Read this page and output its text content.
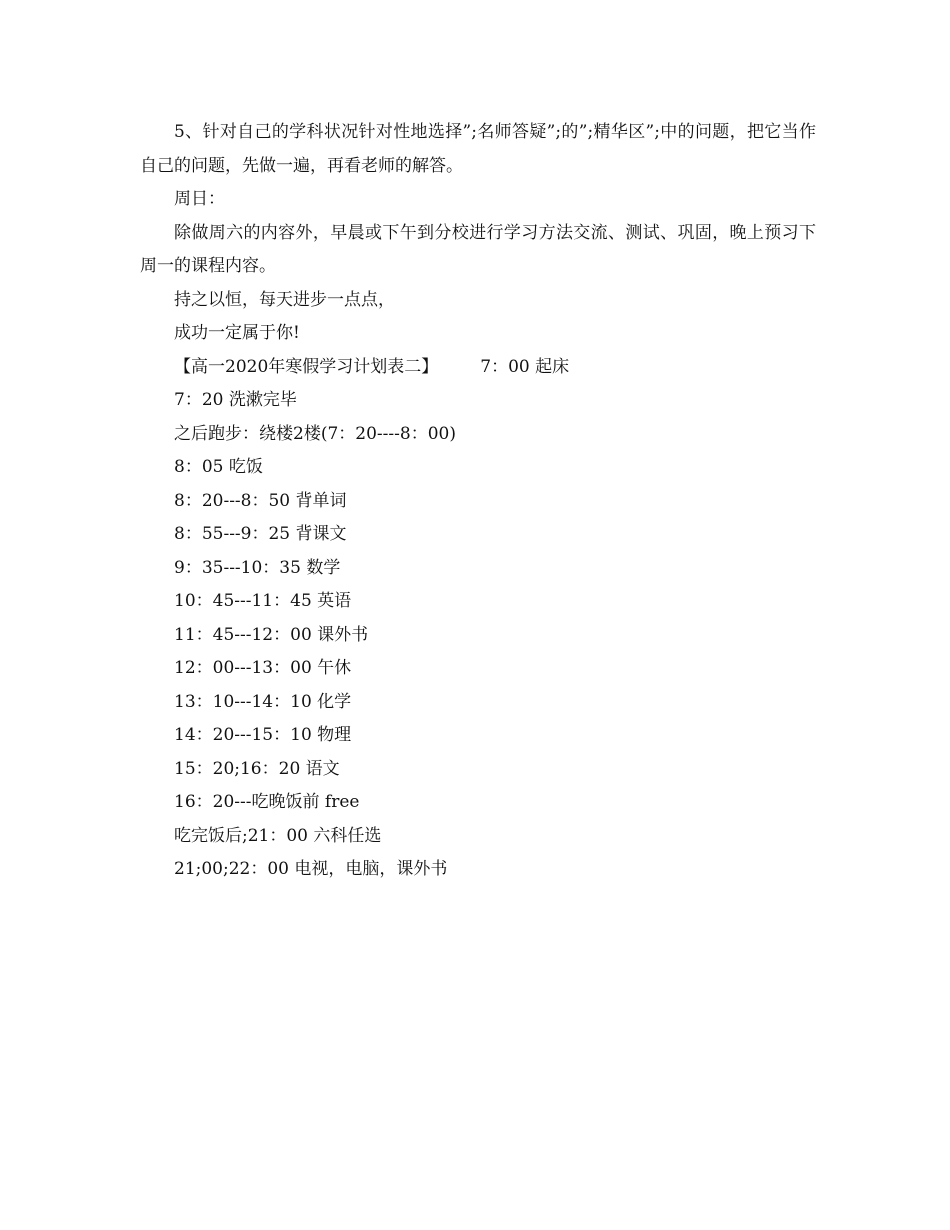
5、针对自己的学科状况针对性地选择”;名师答疑”;的”;精华区”;中的问题，把它当作自己的问题，先做一遍，再看老师的解答。

周日：

除做周六的内容外，早晨或下午到分校进行学习方法交流、测试、巩固，晚上预习下周一的课程内容。

持之以恒，每天进步一点点，

成功一定属于你!

【高一2020年寒假学习计划表二】 7：00 起床

7：20 洗漱完毕

之后跑步：绕楼2楼(7：20----8：00)

8：05 吃饭

8：20---8：50 背单词

8：55---9：25 背课文

9：35---10：35 数学

10：45---11：45 英语

11：45---12：00 课外书

12：00---13：00 午休

13：10---14：10 化学

14：20---15：10 物理

15：20;16：20 语文

16：20---吃晚饭前 free

吃完饭后;21：00 六科任选

21;00;22：00 电视，电脑，课外书
